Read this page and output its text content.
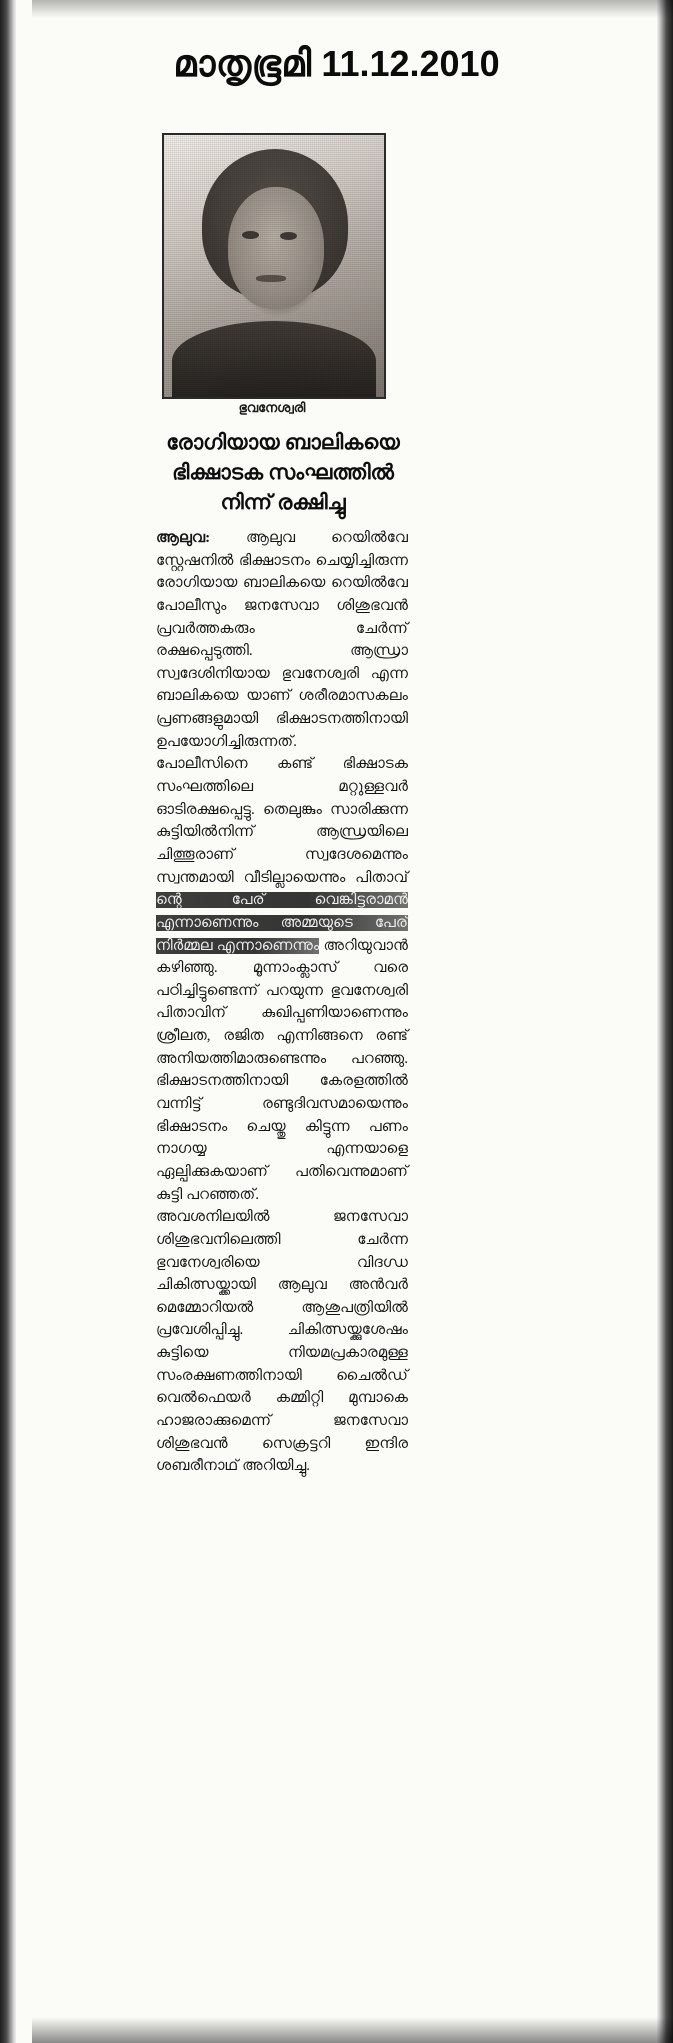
മാതൃഭൂമി 11.12.2010
ഭുവനേശ്വരി
രോഗിയായ ബാലികയെ
ഭിക്ഷാടക സംഘത്തിൽ
നിന്ന് രക്ഷിച്ചു

ആലുവ: ആലുവ റെയിൽവേ സ്റ്റേഷനിൽ ഭിക്ഷാടനം ചെയ്യിച്ചിരുന്ന രോഗിയായ ബാലികയെ റെയിൽവേ പോലീസും ജനസേവാ ശിശുഭവൻ പ്രവർത്തകരും ചേർന്ന് രക്ഷപ്പെടുത്തി. ആന്ധ്രാ സ്വദേശിനിയായ ഭുവനേശ്വരി എന്ന ബാലികയെ യാണ് ശരീരമാസകലം പ്രണങ്ങളുമായി ഭിക്ഷാടനത്തിനായി ഉപയോഗിച്ചിരുന്നത്.

പോലീസിനെ കണ്ട് ഭിക്ഷാടക സംഘത്തിലെ മറ്റുള്ളവർ ഓടിരക്ഷപ്പെട്ടു. തെലുങ്കും സാരിക്കുന്ന കുട്ടിയിൽനിന്ന് ആന്ധ്രയിലെ ചിത്തൂരാണ് സ്വദേശമെന്നും സ്വന്തമായി വീടില്ലായെന്നും പിതാവ് ന്റെ പേര് വെങ്കിട്ടരാമൻ എന്നാണെന്നും അമ്മയുടെ പേര് നിർമ്മല എന്നാണെന്നും അറിയുവാൻ കഴിഞ്ഞു. മൂന്നാംക്ലാസ് വരെ പഠിച്ചിട്ടുണ്ടെന്ന് പറയുന്ന ഭുവനേശ്വരി പിതാവിന് കുഖിപ്പണിയാണെന്നും ശ്രീലത, രജിത എന്നിങ്ങനെ രണ്ട് അനിയത്തിമാരുണ്ടെന്നും പറഞ്ഞു. ഭിക്ഷാടനത്തിനായി കേരളത്തിൽ വന്നിട്ട് രണ്ടുദിവസമായെന്നും ഭിക്ഷാടനം ചെയ്തു കിട്ടുന്ന പണം നാഗയ്യ എന്നയാളെ ഏല്പിക്കുകയാണ് പതിവെന്നുമാണ് കുട്ടി പറഞ്ഞത്.

അവശനിലയിൽ ജനസേവാ ശിശുഭവനിലെത്തി ചേർന്ന ഭുവനേശ്വരിയെ വിദഗ്ധ ചികിത്സയ്ക്കായി ആലുവ അൻവർ മെമ്മോറിയൽ ആശുപത്രിയിൽ പ്രവേശിപ്പിച്ചു. ചികിത്സയ്ക്കുശേഷം കുട്ടിയെ നിയമപ്രകാരമുള്ള സംരക്ഷണത്തിനായി ചൈൽഡ് വെൽഫെയർ കമ്മിറ്റി മുമ്പാകെ ഹാജരാക്കുമെന്ന് ജനസേവാ ശിശുഭവൻ സെക്രട്ടറി ഇന്ദിര ശബരീനാഥ് അറിയിച്ചു.
